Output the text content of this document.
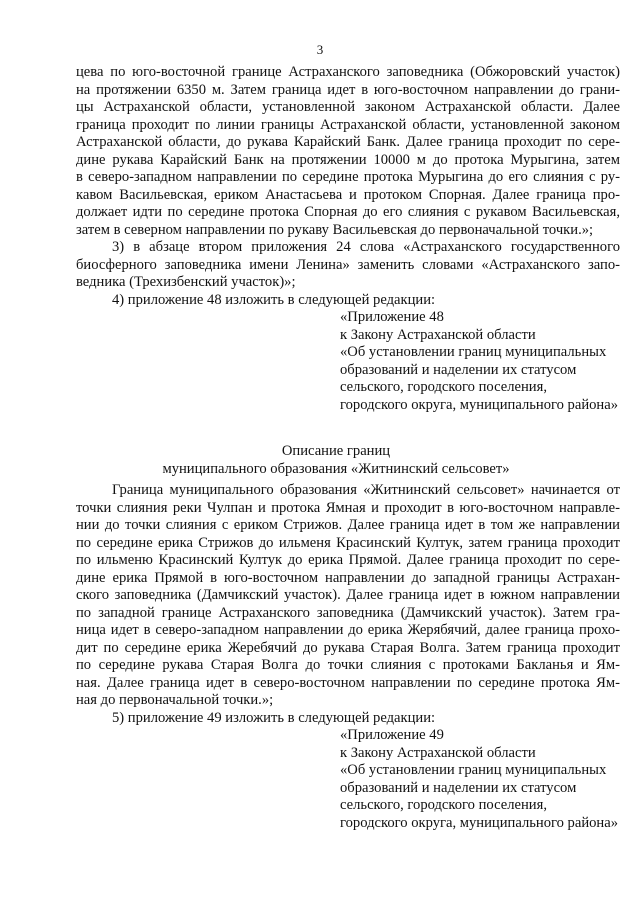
3
цева по юго-восточной границе Астраханского заповедника (Обжоровский участок)
на протяжении 6350 м. Затем граница идет в юго-восточном направлении до грани-
цы Астраханской области, установленной законом Астраханской области. Далее
граница проходит по линии границы Астраханской области, установленной законом
Астраханской области, до рукава Карайский Банк. Далее граница проходит по сере-
дине рукава Карайский Банк на протяжении 10000 м до протока Мурыгина, затем
в северо-западном направлении по середине протока Мурыгина до его слияния с ру-
кавом Васильевская, ериком Анастасьева и протоком Спорная. Далее граница про-
должает идти по середине протока Спорная до его слияния с рукавом Васильевская,
затем в северном направлении по рукаву Васильевская до первоначальной точки.»;
3) в абзаце втором приложения 24 слова «Астраханского государственного
биосферного заповедника имени Ленина» заменить словами «Астраханского запо-
ведника (Трехизбенский участок)»;
4) приложение 48 изложить в следующей редакции:
«Приложение 48
к Закону Астраханской области
«Об установлении границ муниципальных
образований и наделении их статусом
сельского, городского поселения,
городского округа, муниципального района»
Описание границ
муниципального образования «Житнинский сельсовет»
Граница муниципального образования «Житнинский сельсовет» начинается от
точки слияния реки Чулпан и протока Ямная и проходит в юго-восточном направле-
нии до точки слияния с ериком Стрижов. Далее граница идет в том же направлении
по середине ерика Стрижов до ильменя Красинский Култук, затем граница проходит
по ильменю Красинский Култук до ерика Прямой. Далее граница проходит по сере-
дине ерика Прямой в юго-восточном направлении до западной границы Астрахан-
ского заповедника (Дамчикский участок). Далее граница идет в южном направлении
по западной границе Астраханского заповедника (Дамчикский участок). Затем гра-
ница идет в северо-западном направлении до ерика Жерябячий, далее граница прохо-
дит по середине ерика Жеребячий до рукава Старая Волга. Затем граница проходит
по середине рукава Старая Волга до точки слияния с протоками Бакланья и Ям-
ная. Далее граница идет в северо-восточном направлении по середине протока Ям-
ная до первоначальной точки.»;
5) приложение 49 изложить в следующей редакции:
«Приложение 49
к Закону Астраханской области
«Об установлении границ муниципальных
образований и наделении их статусом
сельского, городского поселения,
городского округа, муниципального района»
